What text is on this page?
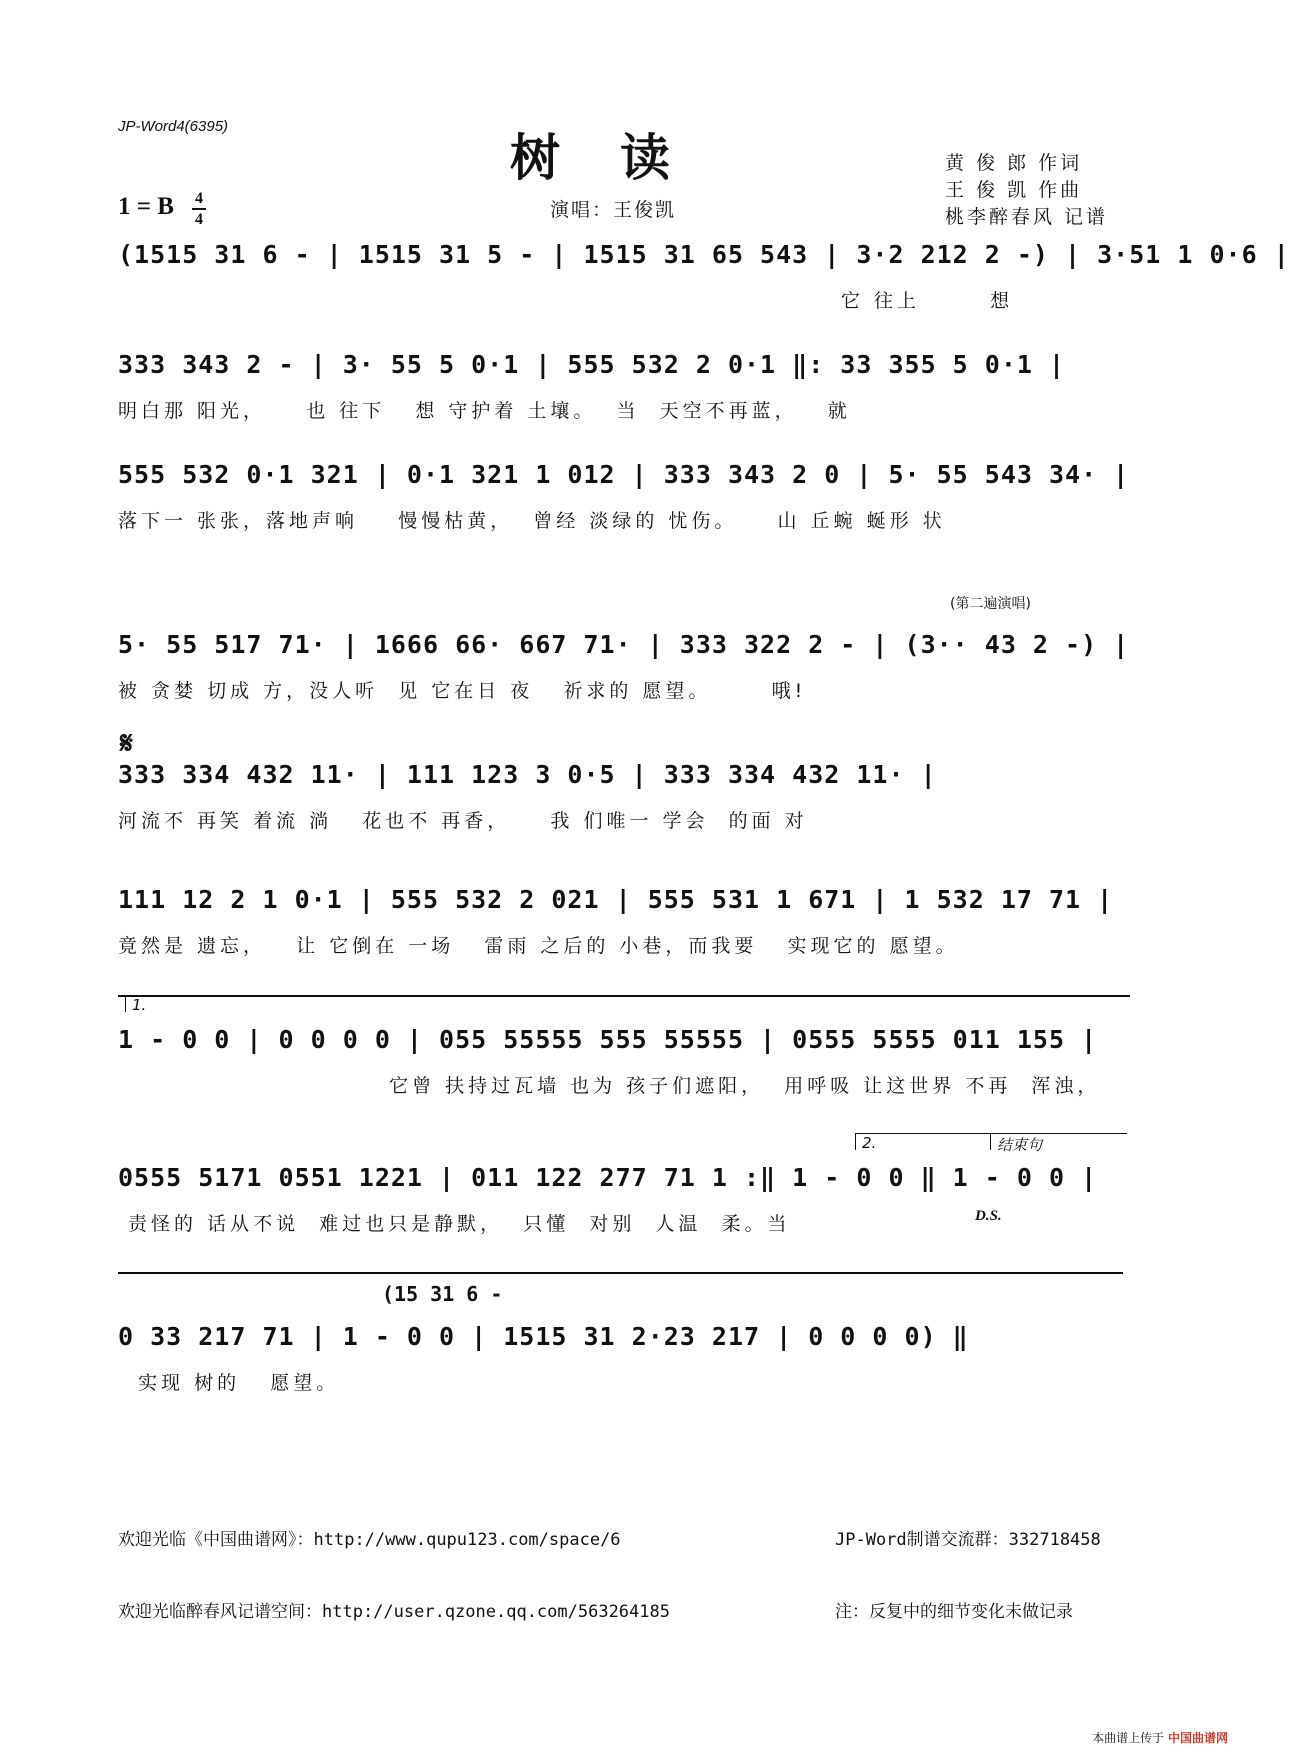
JP-Word4(6395)
树读	黄 俊 郎 作词
王 俊 凯 作曲
桃李醉春风 记谱
1 = B 4
4	演唱：王俊凯
(1515 31 6 - | 1515 31 5 - | 1515 31 65 543 | 3·2 212 2 -) | 3·51 1 0·6 |
它 往上       想
333 343 2 - | 3· 55 5 0·1 | 555 532 2 0·1 ‖: 33 355 5 0·1 |
明白那 阳光，    也 往下   想 守护着 土壤。  当  天空不再蓝，   就
555 532 0·1 321 | 0·1 321 1 012 | 333 343 2 0 | 5· 55 543 34· |
落下一 张张，落地声响    慢慢枯黄，  曾经 淡绿的 忧伤。    山 丘蜿 蜒形 状
(第二遍演唱)
5· 55 517 71· | 1666 66· 667 71· | 333 322 2 - | (3·· 43 2 -) |
被 贪婪 切成 方，没人听  见 它在日 夜   祈求的 愿望。      哦!
𝄋
333 334 432 11· | 111 123 3 0·5 | 333 334 432 11· |
河流不 再笑 着流 淌   花也不 再香，    我 们唯一 学会  的面 对
111 12 2 1 0·1 | 555 532 2 021 | 555 531 1 671 | 1 532 17 71 |
竟然是 遗忘，   让 它倒在 一场   雷雨 之后的 小巷，而我要   实现它的 愿望。
1.
1 - 0 0 | 0 0 0 0 | 055 55555 555 55555 | 0555 5555 011 155 |
它曾 扶持过瓦墙 也为 孩子们遮阳，  用呼吸 让这世界 不再  浑浊，
2.	结束句
0555 5171 0551 1221 | 011 122 277 71 1 :‖ 1 - 0 0 ‖ 1 - 0 0 |
责怪的 话从不说  难过也只是静默，  只懂  对别  人温  柔。当	D.S.
(15 31 6 -
0 33 217 71 | 1 - 0 0 | 1515 31 2·23 217 | 0 0 0 0) ‖
实现 树的   愿望。

欢迎光临《中国曲谱网》：http://www.qupu123.com/space/6

欢迎光临醉春风记谱空间：http://user.qzone.qq.com/563264185

JP-Word制谱交流群：332718458

注：反复中的细节变化未做记录

本曲谱上传于 中国曲谱网
